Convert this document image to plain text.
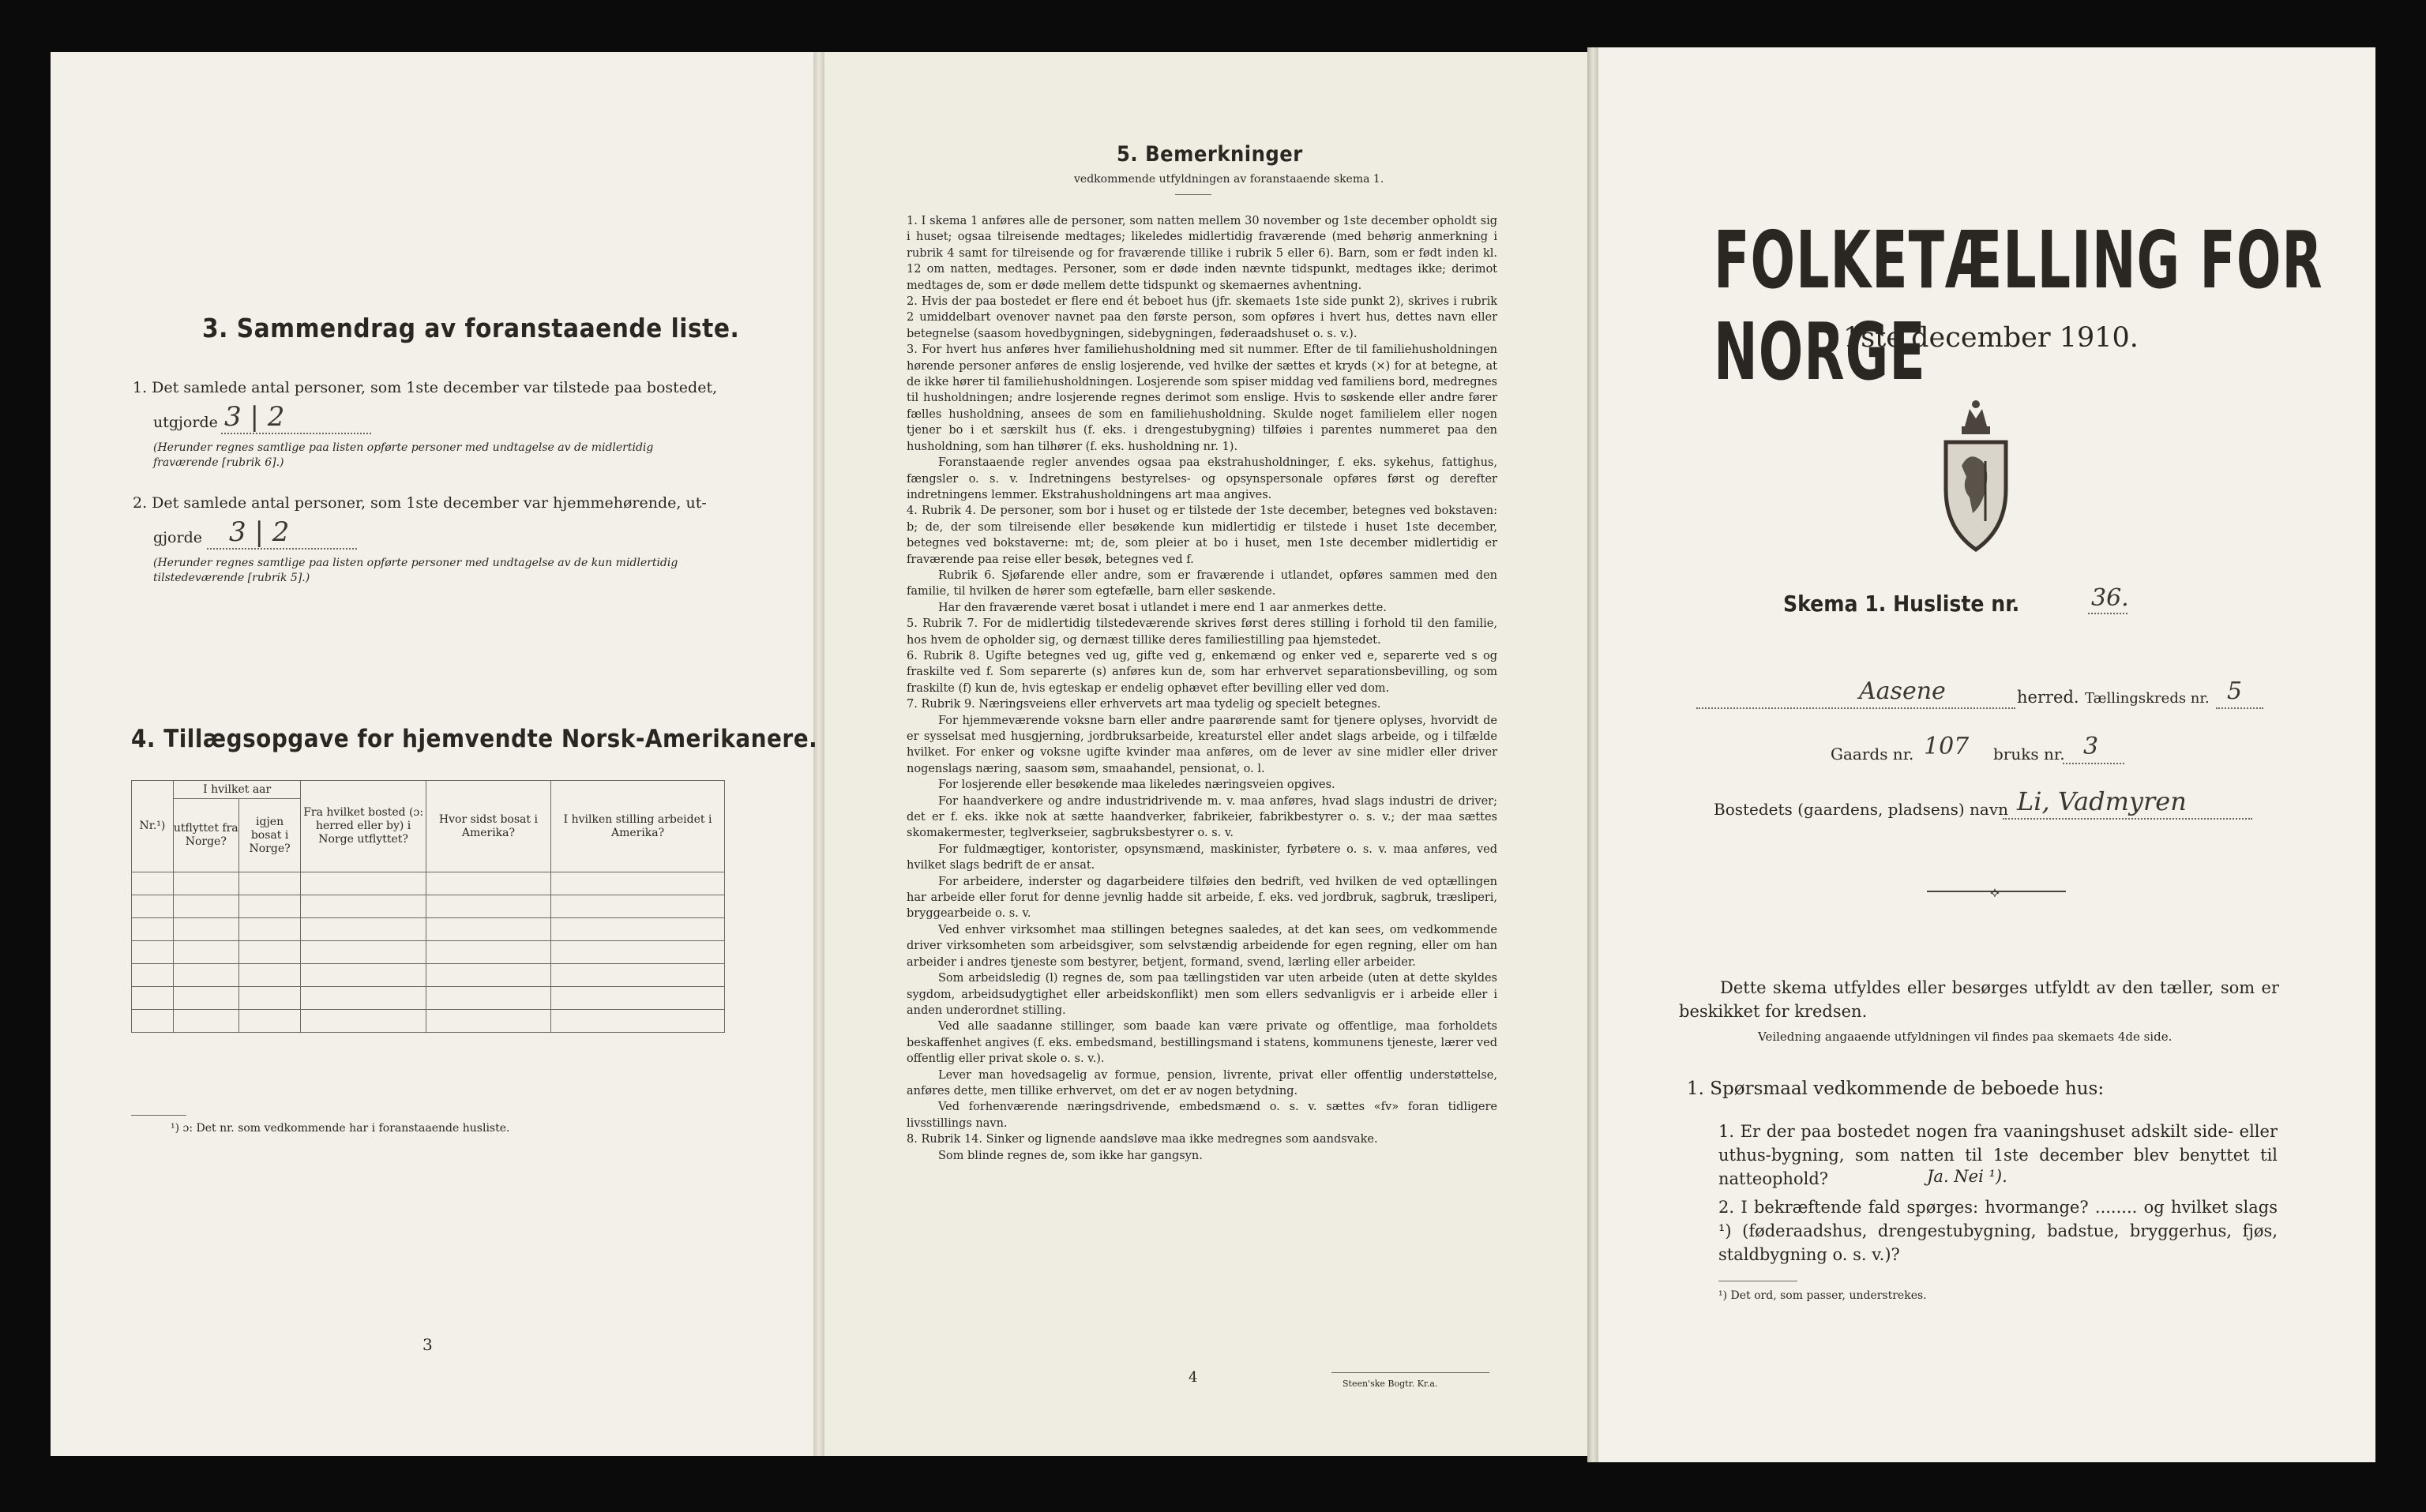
3. Sammendrag av foranstaaende liste.
1. Det samlede antal personer, som 1ste december var tilstede paa bostedet,
utgjorde 3 | 2
(Herunder regnes samtlige paa listen opførte personer med undtagelse av de midlertidig fraværende [rubrik 6].)
2. Det samlede antal personer, som 1ste december var hjemmehørende, ut-
gjorde 3 | 2
(Herunder regnes samtlige paa listen opførte personer med undtagelse av de kun midlertidig tilstedeværende [rubrik 5].)
4. Tillægsopgave for hjemvendte Norsk-Amerikanere.
Nr.¹)	I hvilket aar		Fra hvilket bosted (ɔ: herred eller by) i Norge utflyttet?	Hvor sidst bosat i Amerika?	I hvilken stilling arbeidet i Amerika?
	utflyttet fra Norge?	igjen bosat i Norge?			

¹) ɔ: Det nr. som vedkommende har i foranstaaende husliste.
3
5. Bemerkninger
vedkommende utfyldningen av foranstaaende skema 1.

1. I skema 1 anføres alle de personer, som natten mellem 30 november og 1ste december opholdt sig i huset; ogsaa tilreisende medtages; likeledes midlertidig fraværende (med behørig anmerkning i rubrik 4 samt for tilreisende og for fraværende tillike i rubrik 5 eller 6). Barn, som er født inden kl. 12 om natten, medtages. Personer, som er døde inden nævnte tidspunkt, medtages ikke; derimot medtages de, som er døde mellem dette tidspunkt og skemaernes avhentning.

2. Hvis der paa bostedet er flere end ét beboet hus (jfr. skemaets 1ste side punkt 2), skrives i rubrik 2 umiddelbart ovenover navnet paa den første person, som opføres i hvert hus, dettes navn eller betegnelse (saasom hovedbygningen, sidebygningen, føderaadshuset o. s. v.).

3. For hvert hus anføres hver familiehusholdning med sit nummer. Efter de til familiehusholdningen hørende personer anføres de enslig losjerende, ved hvilke der sættes et kryds (×) for at betegne, at de ikke hører til familiehusholdningen. Losjerende som spiser middag ved familiens bord, medregnes til husholdningen; andre losjerende regnes derimot som enslige. Hvis to søskende eller andre fører fælles husholdning, ansees de som en familiehusholdning. Skulde noget familielem eller nogen tjener bo i et særskilt hus (f. eks. i drengestubygning) tilføies i parentes nummeret paa den husholdning, som han tilhører (f. eks. husholdning nr. 1).

Foranstaaende regler anvendes ogsaa paa ekstrahusholdninger, f. eks. sykehus, fattighus, fængsler o. s. v. Indretningens bestyrelses- og opsynspersonale opføres først og derefter indretningens lemmer. Ekstrahusholdningens art maa angives.

4. Rubrik 4. De personer, som bor i huset og er tilstede der 1ste december, betegnes ved bokstaven: b; de, der som tilreisende eller besøkende kun midlertidig er tilstede i huset 1ste december, betegnes ved bokstaverne: mt; de, som pleier at bo i huset, men 1ste december midlertidig er fraværende paa reise eller besøk, betegnes ved f.

Rubrik 6. Sjøfarende eller andre, som er fraværende i utlandet, opføres sammen med den familie, til hvilken de hører som egtefælle, barn eller søskende.

Har den fraværende været bosat i utlandet i mere end 1 aar anmerkes dette.

5. Rubrik 7. For de midlertidig tilstedeværende skrives først deres stilling i forhold til den familie, hos hvem de opholder sig, og dernæst tillike deres familiestilling paa hjemstedet.

6. Rubrik 8. Ugifte betegnes ved ug, gifte ved g, enkemænd og enker ved e, separerte ved s og fraskilte ved f. Som separerte (s) anføres kun de, som har erhvervet separationsbevilling, og som fraskilte (f) kun de, hvis egteskap er endelig ophævet efter bevilling eller ved dom.

7. Rubrik 9. Næringsveiens eller erhvervets art maa tydelig og specielt betegnes.

For hjemmeværende voksne barn eller andre paarørende samt for tjenere oplyses, hvorvidt de er sysselsat med husgjerning, jordbruksarbeide, kreaturstel eller andet slags arbeide, og i tilfælde hvilket. For enker og voksne ugifte kvinder maa anføres, om de lever av sine midler eller driver nogenslags næring, saasom søm, smaahandel, pensionat, o. l.

For losjerende eller besøkende maa likeledes næringsveien opgives.

For haandverkere og andre industridrivende m. v. maa anføres, hvad slags industri de driver; det er f. eks. ikke nok at sætte haandverker, fabrikeier, fabrikbestyrer o. s. v.; der maa sættes skomakermester, teglverkseier, sagbruksbestyrer o. s. v.

For fuldmægtiger, kontorister, opsynsmænd, maskinister, fyrbøtere o. s. v. maa anføres, ved hvilket slags bedrift de er ansat.

For arbeidere, inderster og dagarbeidere tilføies den bedrift, ved hvilken de ved optællingen har arbeide eller forut for denne jevnlig hadde sit arbeide, f. eks. ved jordbruk, sagbruk, træsliperi, bryggearbeide o. s. v.

Ved enhver virksomhet maa stillingen betegnes saaledes, at det kan sees, om vedkommende driver virksomheten som arbeidsgiver, som selvstændig arbeidende for egen regning, eller om han arbeider i andres tjeneste som bestyrer, betjent, formand, svend, lærling eller arbeider.

Som arbeidsledig (l) regnes de, som paa tællingstiden var uten arbeide (uten at dette skyldes sygdom, arbeidsudygtighet eller arbeidskonflikt) men som ellers sedvanligvis er i arbeide eller i anden underordnet stilling.

Ved alle saadanne stillinger, som baade kan være private og offentlige, maa forholdets beskaffenhet angives (f. eks. embedsmand, bestillingsmand i statens, kommunens tjeneste, lærer ved offentlig eller privat skole o. s. v.).

Lever man hovedsagelig av formue, pension, livrente, privat eller offentlig understøttelse, anføres dette, men tillike erhvervet, om det er av nogen betydning.

Ved forhenværende næringsdrivende, embedsmænd o. s. v. sættes «fv» foran tidligere livsstillings navn.

8. Rubrik 14. Sinker og lignende aandsløve maa ikke medregnes som aandsvake.

Som blinde regnes de, som ikke har gangsyn.

4	Steen'ske Bogtr. Kr.a.
FOLKETÆLLING FOR NORGE
1ste december 1910.
Skema 1. Husliste nr.	36.
Aasene	herred. Tællingskreds nr. 5
Gaards nr. 107 bruks nr. 3
Bostedets (gaardens, pladsens) navn Li, Vadmyren
⟡
Dette skema utfyldes eller besørges utfyldt av den tæller, som er beskikket for kredsen.
Veiledning angaaende utfyldningen vil findes paa skemaets 4de side.
1. Spørsmaal vedkommende de beboede hus:
1. Er der paa bostedet nogen fra vaaningshuset adskilt side- eller uthus-bygning, som natten til 1ste december blev benyttet til natteophold?	Ja. Nei ¹).
2. I bekræftende fald spørges: hvormange? ........ og hvilket slags ¹) (føderaadshus, drengestubygning, badstue, bryggerhus, fjøs, staldbygning o. s. v.)?
¹) Det ord, som passer, understrekes.
